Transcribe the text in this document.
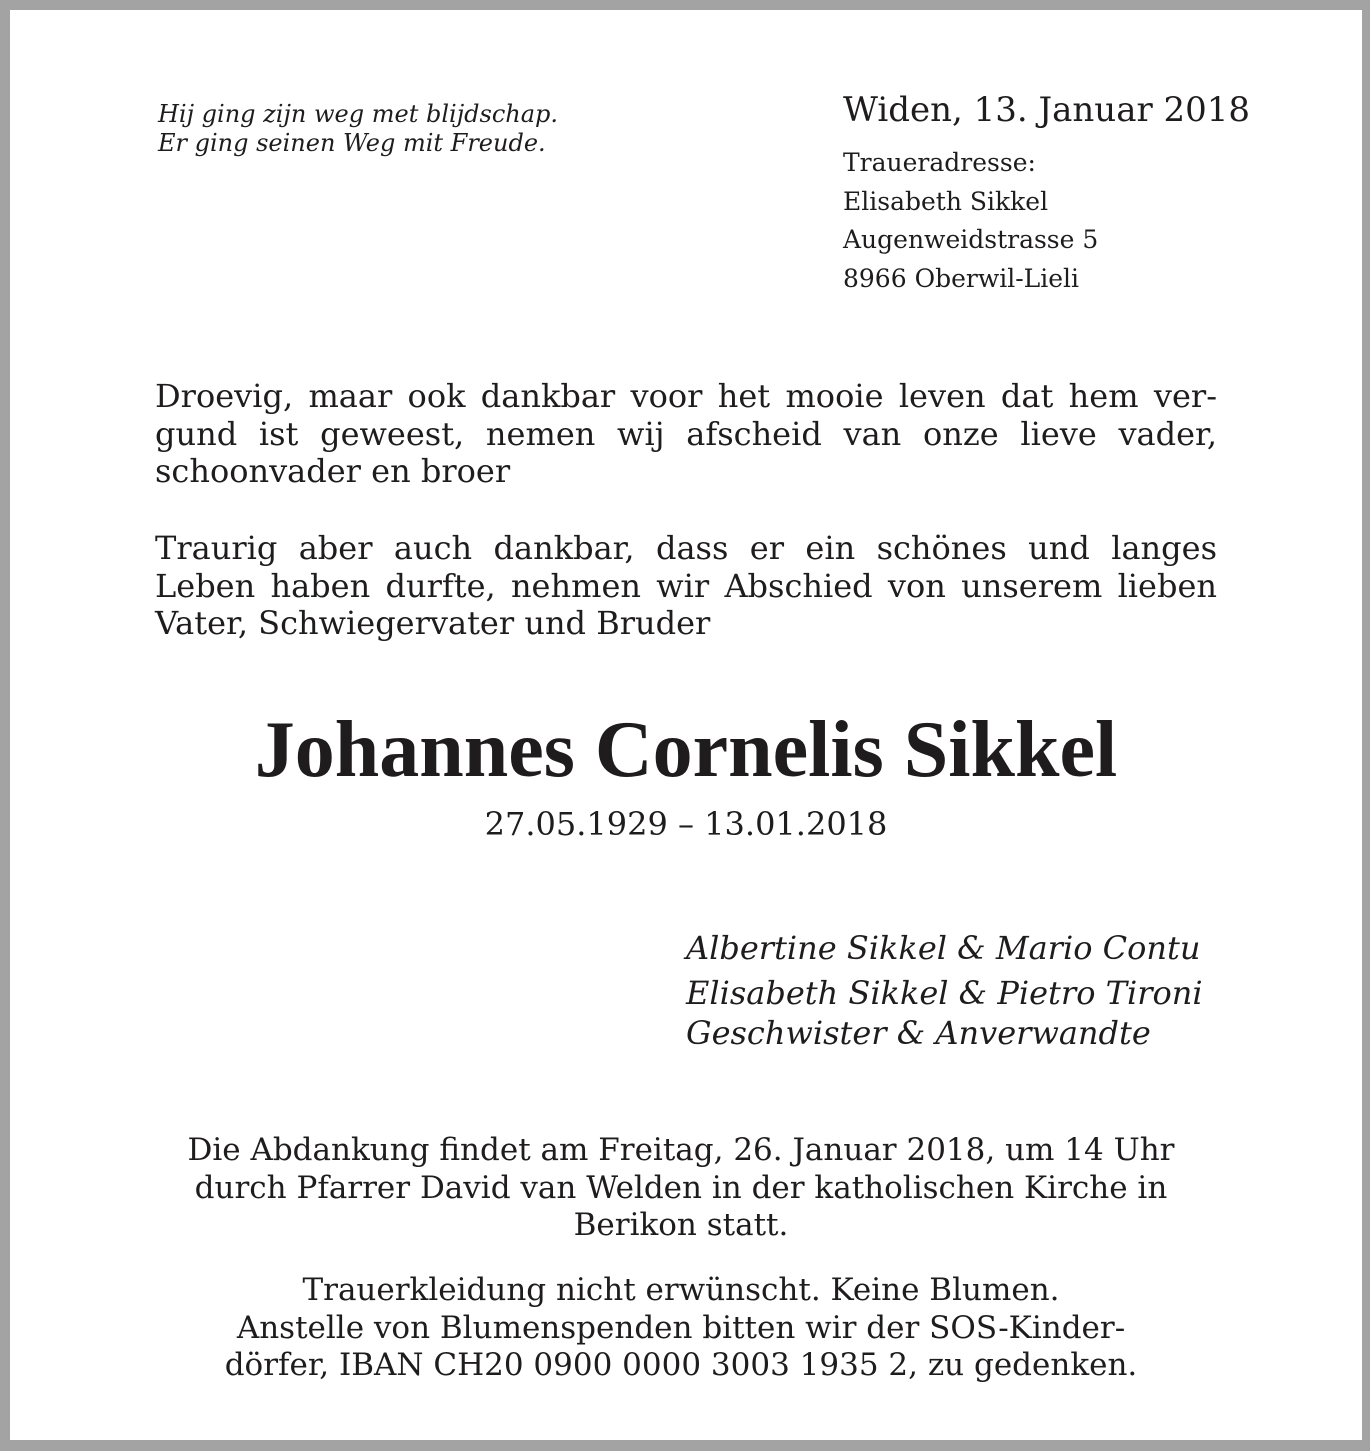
Hij ging zijn weg met blijdschap.
Er ging seinen Weg mit Freude.
Widen, 13. Januar 2018
Traueradresse:
Elisabeth Sikkel
Augenweidstrasse 5
8966 Oberwil-Lieli
Droevig, maar ook dankbar voor het mooie leven dat hem ver-
gund ist geweest, nemen wij afscheid van onze lieve vader,
schoonvader en broer
Traurig aber auch dankbar, dass er ein schönes und langes
Leben haben durfte, nehmen wir Abschied von unserem lieben
Vater, Schwiegervater und Bruder
Johannes Cornelis Sikkel
27.05.1929 – 13.01.2018
Albertine Sikkel & Mario Contu
Elisabeth Sikkel & Pietro Tironi
Geschwister & Anverwandte
Die Abdankung findet am Freitag, 26. Januar 2018, um 14 Uhr
durch Pfarrer David van Welden in der katholischen Kirche in
Berikon statt.
Trauerkleidung nicht erwünscht. Keine Blumen.
Anstelle von Blumenspenden bitten wir der SOS-Kinder-
dörfer, IBAN CH20 0900 0000 3003 1935 2, zu gedenken.
